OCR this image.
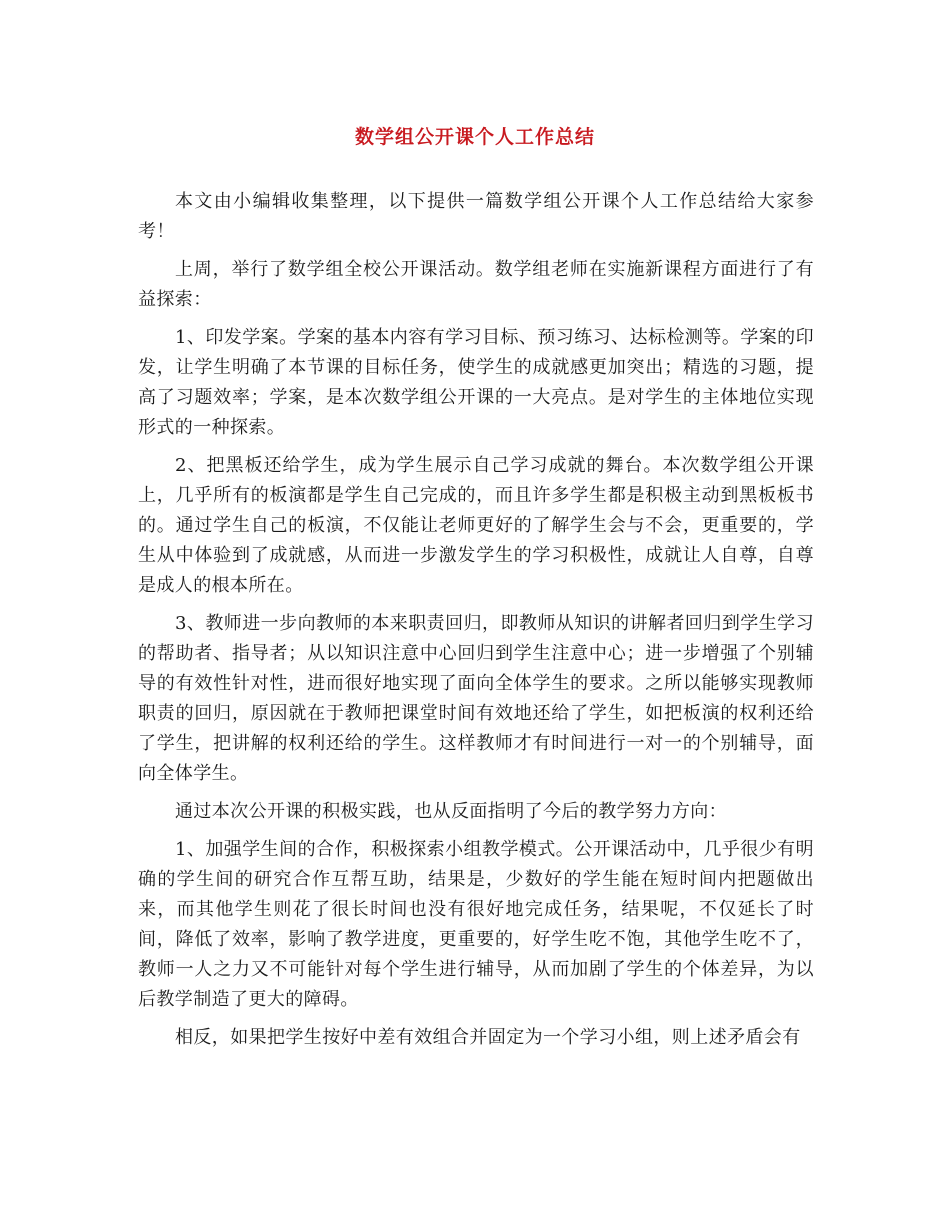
数学组公开课个人工作总结

本文由小编辑收集整理，以下提供一篇数学组公开课个人工作总结给大家参考！

上周，举行了数学组全校公开课活动。数学组老师在实施新课程方面进行了有益探索：

1、印发学案。学案的基本内容有学习目标、预习练习、达标检测等。学案的印发，让学生明确了本节课的目标任务，使学生的成就感更加突出；精选的习题，提高了习题效率；学案，是本次数学组公开课的一大亮点。是对学生的主体地位实现形式的一种探索。

2、把黑板还给学生，成为学生展示自己学习成就的舞台。本次数学组公开课上，几乎所有的板演都是学生自己完成的，而且许多学生都是积极主动到黑板板书的。通过学生自己的板演，不仅能让老师更好的了解学生会与不会，更重要的，学生从中体验到了成就感，从而进一步激发学生的学习积极性，成就让人自尊，自尊是成人的根本所在。

3、教师进一步向教师的本来职责回归，即教师从知识的讲解者回归到学生学习的帮助者、指导者；从以知识注意中心回归到学生注意中心；进一步增强了个别辅导的有效性针对性，进而很好地实现了面向全体学生的要求。之所以能够实现教师职责的回归，原因就在于教师把课堂时间有效地还给了学生，如把板演的权利还给了学生，把讲解的权利还给的学生。这样教师才有时间进行一对一的个别辅导，面向全体学生。

通过本次公开课的积极实践，也从反面指明了今后的教学努力方向：

1、加强学生间的合作，积极探索小组教学模式。公开课活动中，几乎很少有明确的学生间的研究合作互帮互助，结果是，少数好的学生能在短时间内把题做出来，而其他学生则花了很长时间也没有很好地完成任务，结果呢，不仅延长了时间，降低了效率，影响了教学进度，更重要的，好学生吃不饱，其他学生吃不了，教师一人之力又不可能针对每个学生进行辅导，从而加剧了学生的个体差异，为以后教学制造了更大的障碍。

相反，如果把学生按好中差有效组合并固定为一个学习小组，则上述矛盾会有
